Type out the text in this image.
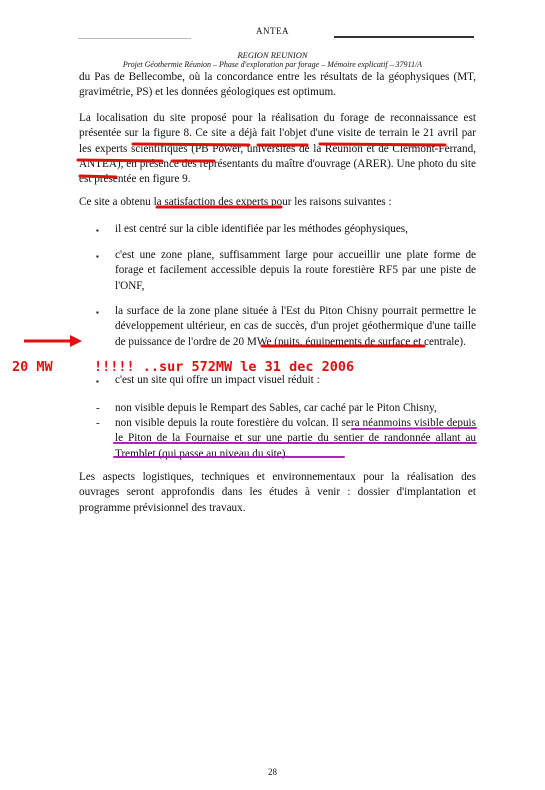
ANTEA
REGION REUNION
Projet Géothermie Réunion – Phase d'exploration par forage – Mémoire explicatif – 37911/A

du Pas de Bellecombe, où la concordance entre les résultats de la géophysiques (MT, gravimétrie, PS) et les données géologiques est optimum.

La localisation du site proposé pour la réalisation du forage de reconnaissance est présentée sur la figure 8. Ce site a déjà fait l'objet d'une visite de terrain le 21 avril par les experts scientifiques (PB Power, universités de la Réunion et de Clermont-Ferrand, ANTEA), en présence des représentants du maître d'ouvrage (ARER). Une photo du site est présentée en figure 9.

Ce site a obtenu la satisfaction des experts pour les raisons suivantes :

▪ il est centré sur la cible identifiée par les méthodes géophysiques,

▪ c'est une zone plane, suffisamment large pour accueillir une plate forme de forage et facilement accessible depuis la route forestière RF5 par une piste de l'ONF,

▪ la surface de la zone plane située à l'Est du Piton Chisny pourrait permettre le développement ultérieur, en cas de succès, d'un projet géothermique d'une taille de puissance de l'ordre de 20 MWe (puits, équipements de surface et centrale).

▪ c'est un site qui offre un impact visuel réduit :

- non visible depuis le Rempart des Sables, car caché par le Piton Chisny,

- non visible depuis la route forestière du volcan. Il sera néanmoins visible depuis le Piton de la Fournaise et sur une partie du sentier de randonnée allant au Tremblet (qui passe au niveau du site).

Les aspects logistiques, techniques et environnementaux pour la réalisation des ouvrages seront approfondis dans les études à venir : dossier d'implantation et programme prévisionnel des travaux.

28
20 MW	!!!!! ..sur 572MW le 31 dec 2006
